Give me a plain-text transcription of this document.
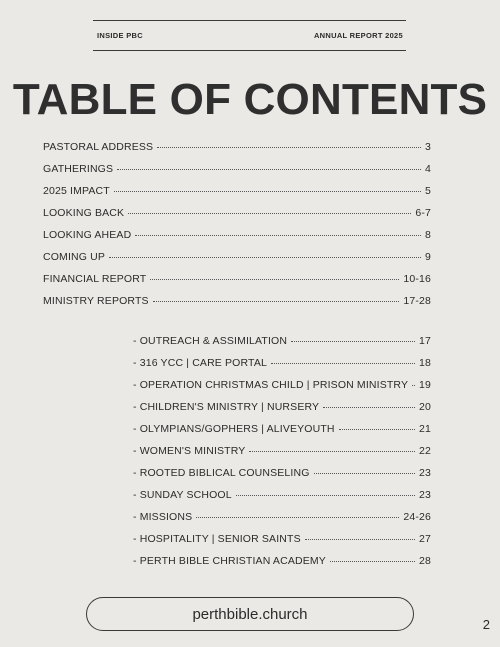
INSIDE PBC	ANNUAL REPORT 2025
TABLE OF CONTENTS
PASTORAL ADDRESS	3
GATHERINGS	4
2025 IMPACT	5
LOOKING BACK	6-7
LOOKING AHEAD	8
COMING UP	9
FINANCIAL REPORT	10-16
MINISTRY REPORTS	17-28
- OUTREACH & ASSIMILATION	17
- 316 YCC | CARE PORTAL	18
- OPERATION CHRISTMAS CHILD | PRISON MINISTRY 19
- CHILDREN'S MINISTRY | NURSERY	20
- OLYMPIANS/GOPHERS | ALIVEYOUTH	21
- WOMEN'S MINISTRY	22
- ROOTED BIBLICAL COUNSELING	23
- SUNDAY SCHOOL	23
- MISSIONS	24-26
- HOSPITALITY | SENIOR SAINTS	27
- PERTH BIBLE CHRISTIAN ACADEMY	28
perthbible.church
2
